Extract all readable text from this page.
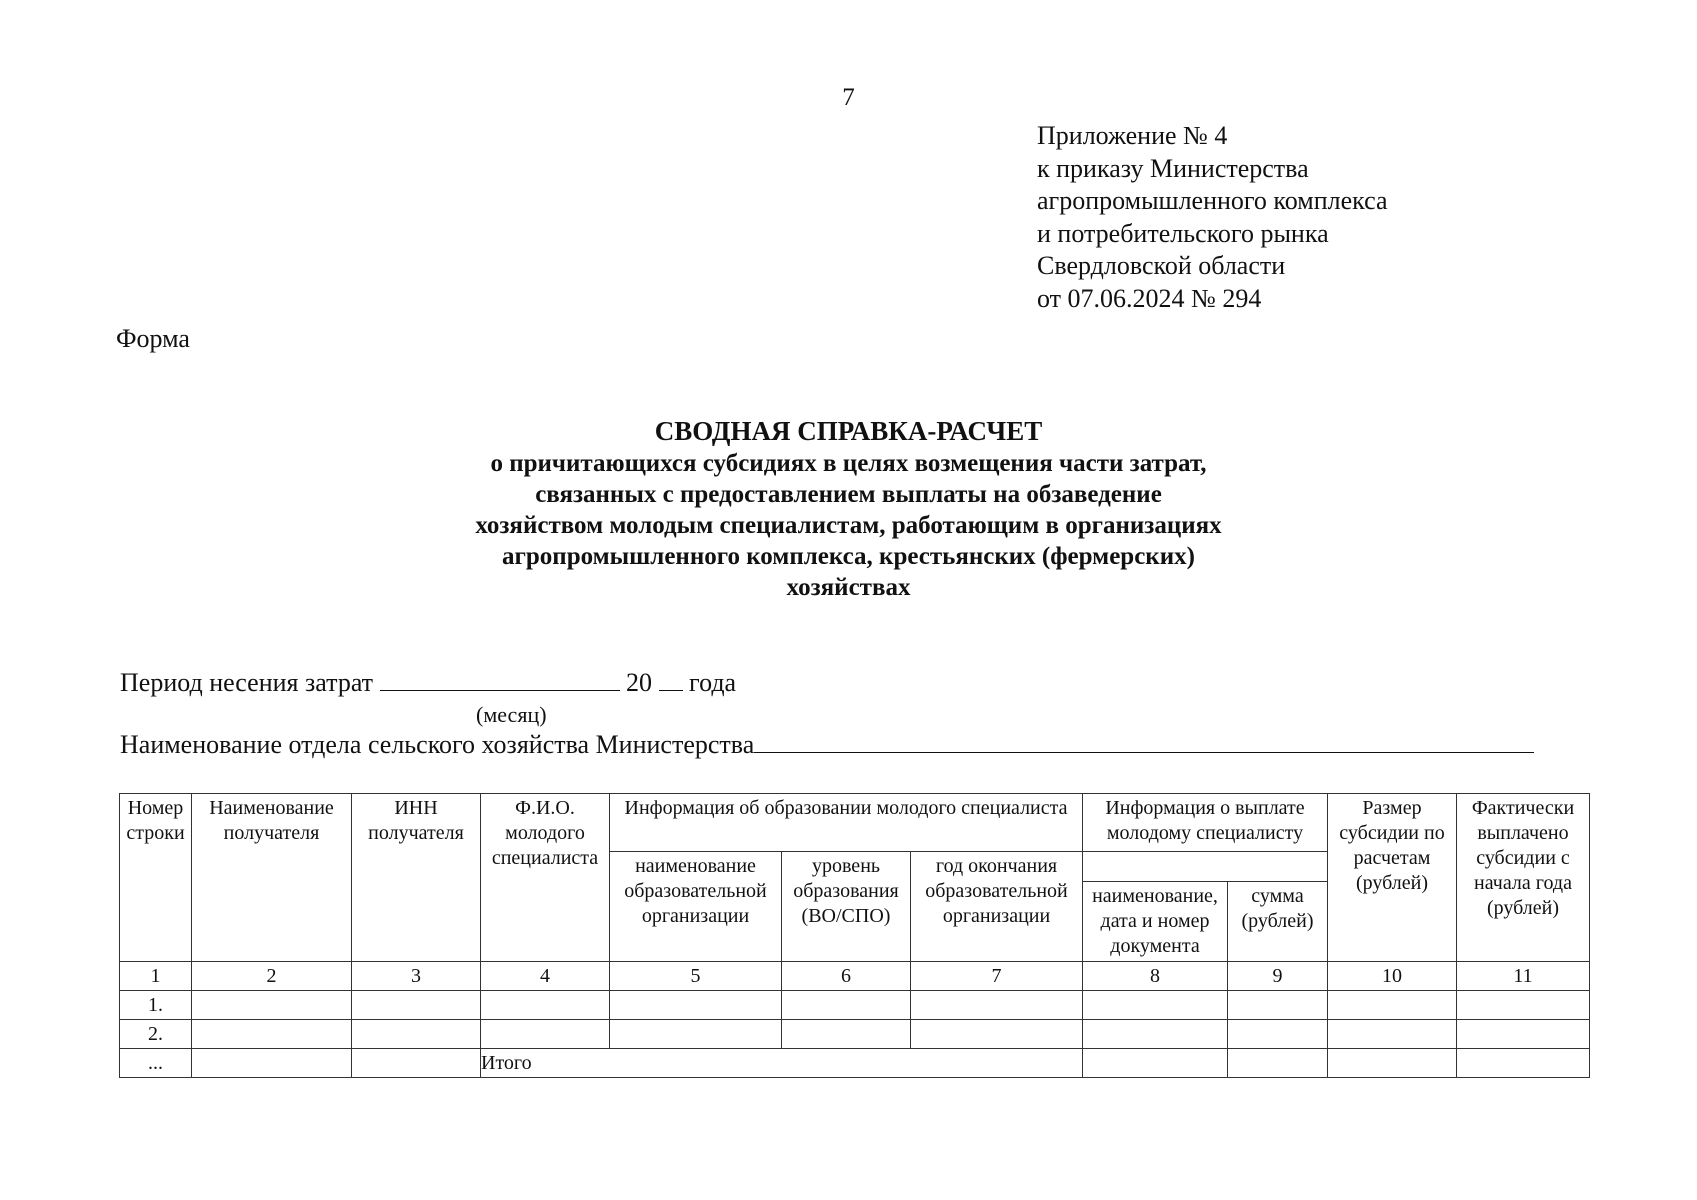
7
Приложение № 4
к приказу Министерства
агропромышленного комплекса
и потребительского рынка
Свердловской области
от 07.06.2024 № 294
Форма
СВОДНАЯ СПРАВКА-РАСЧЕТ
о причитающихся субсидиях в целях возмещения части затрат,
связанных с предоставлением выплаты на обзаведение
хозяйством молодым специалистам, работающим в организациях
агропромышленного комплекса, крестьянских (фермерских)
хозяйствах
Период несения затрат	20 года
(месяц)
Наименование отдела сельского хозяйства Министерства
Номер строки	Наименование получателя	ИНН получателя	Ф.И.О. молодого специалиста	Информация об образовании молодого специалиста			Информация о выплате молодому специалисту		Размер субсидии по расчетам (рублей)	Фактически выплачено субсидии с начала года (рублей)
				наименование образовательной организации	уровень образования (ВО/СПО)	год окончания образовательной организации				
							наименование, дата и номер документа	сумма (рублей)		
1	2	3	4	5	6	7	8	9	10	11
1.										
2.										
...			Итого							
